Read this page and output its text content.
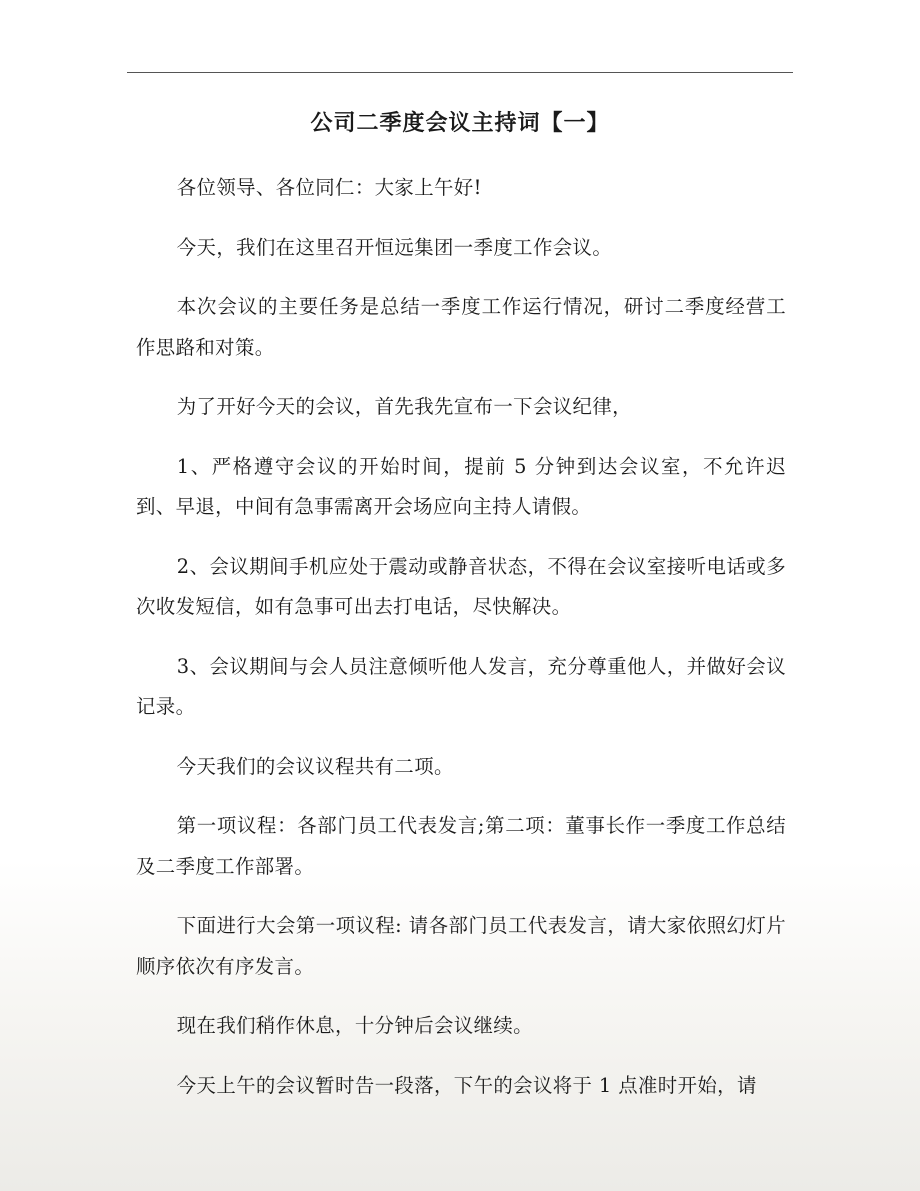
公司二季度会议主持词【一】

各位领导、各位同仁：大家上午好!

今天，我们在这里召开恒远集团一季度工作会议。

本次会议的主要任务是总结一季度工作运行情况，研讨二季度经营工作思路和对策。

为了开好今天的会议，首先我先宣布一下会议纪律，

1、严格遵守会议的开始时间，提前 5 分钟到达会议室，不允许迟到、早退，中间有急事需离开会场应向主持人请假。

2、会议期间手机应处于震动或静音状态，不得在会议室接听电话或多次收发短信，如有急事可出去打电话，尽快解决。

3、会议期间与会人员注意倾听他人发言，充分尊重他人，并做好会议记录。

今天我们的会议议程共有二项。

第一项议程：各部门员工代表发言;第二项：董事长作一季度工作总结及二季度工作部署。

下面进行大会第一项议程: 请各部门员工代表发言，请大家依照幻灯片顺序依次有序发言。

现在我们稍作休息，十分钟后会议继续。

今天上午的会议暂时告一段落，下午的会议将于 1 点准时开始，请
